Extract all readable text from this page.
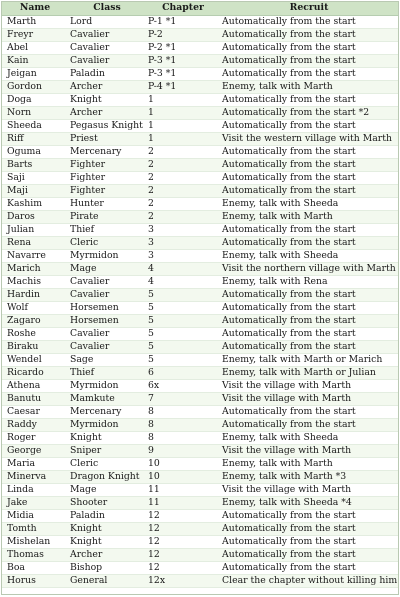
Name	Class	Chapter	Recruit
Marth	Lord	P-1 *1	Automatically from the start
Freyr	Cavalier	P-2	Automatically from the start
Abel	Cavalier	P-2 *1	Automatically from the start
Kain	Cavalier	P-3 *1	Automatically from the start
Jeigan	Paladin	P-3 *1	Automatically from the start
Gordon	Archer	P-4 *1	Enemy, talk with Marth
Doga	Knight	1	Automatically from the start
Norn	Archer	1	Automatically from the start *2
Sheeda	Pegasus Knight	1	Automatically from the start
Riff	Priest	1	Visit the western village with Marth
Oguma	Mercenary	2	Automatically from the start
Barts	Fighter	2	Automatically from the start
Saji	Fighter	2	Automatically from the start
Maji	Fighter	2	Automatically from the start
Kashim	Hunter	2	Enemy, talk with Sheeda
Daros	Pirate	2	Enemy, talk with Marth
Julian	Thief	3	Automatically from the start
Rena	Cleric	3	Automatically from the start
Navarre	Myrmidon	3	Enemy, talk with Sheeda
Marich	Mage	4	Visit the northern village with Marth
Machis	Cavalier	4	Enemy, talk with Rena
Hardin	Cavalier	5	Automatically from the start
Wolf	Horsemen	5	Automatically from the start
Zagaro	Horsemen	5	Automatically from the start
Roshe	Cavalier	5	Automatically from the start
Biraku	Cavalier	5	Automatically from the start
Wendel	Sage	5	Enemy, talk with Marth or Marich
Ricardo	Thief	6	Enemy, talk with Marth or Julian
Athena	Myrmidon	6x	Visit the village with Marth
Banutu	Mamkute	7	Visit the village with Marth
Caesar	Mercenary	8	Automatically from the start
Raddy	Myrmidon	8	Automatically from the start
Roger	Knight	8	Enemy, talk with Sheeda
George	Sniper	9	Visit the village with Marth
Maria	Cleric	10	Enemy, talk with Marth
Minerva	Dragon Knight	10	Enemy, talk with Marth *3
Linda	Mage	11	Visit the village with Marth
Jake	Shooter	11	Enemy, talk with Sheeda *4
Midia	Paladin	12	Automatically from the start
Tomth	Knight	12	Automatically from the start
Mishelan	Knight	12	Automatically from the start
Thomas	Archer	12	Automatically from the start
Boa	Bishop	12	Automatically from the start
Horus	General	12x	Clear the chapter without killing him
